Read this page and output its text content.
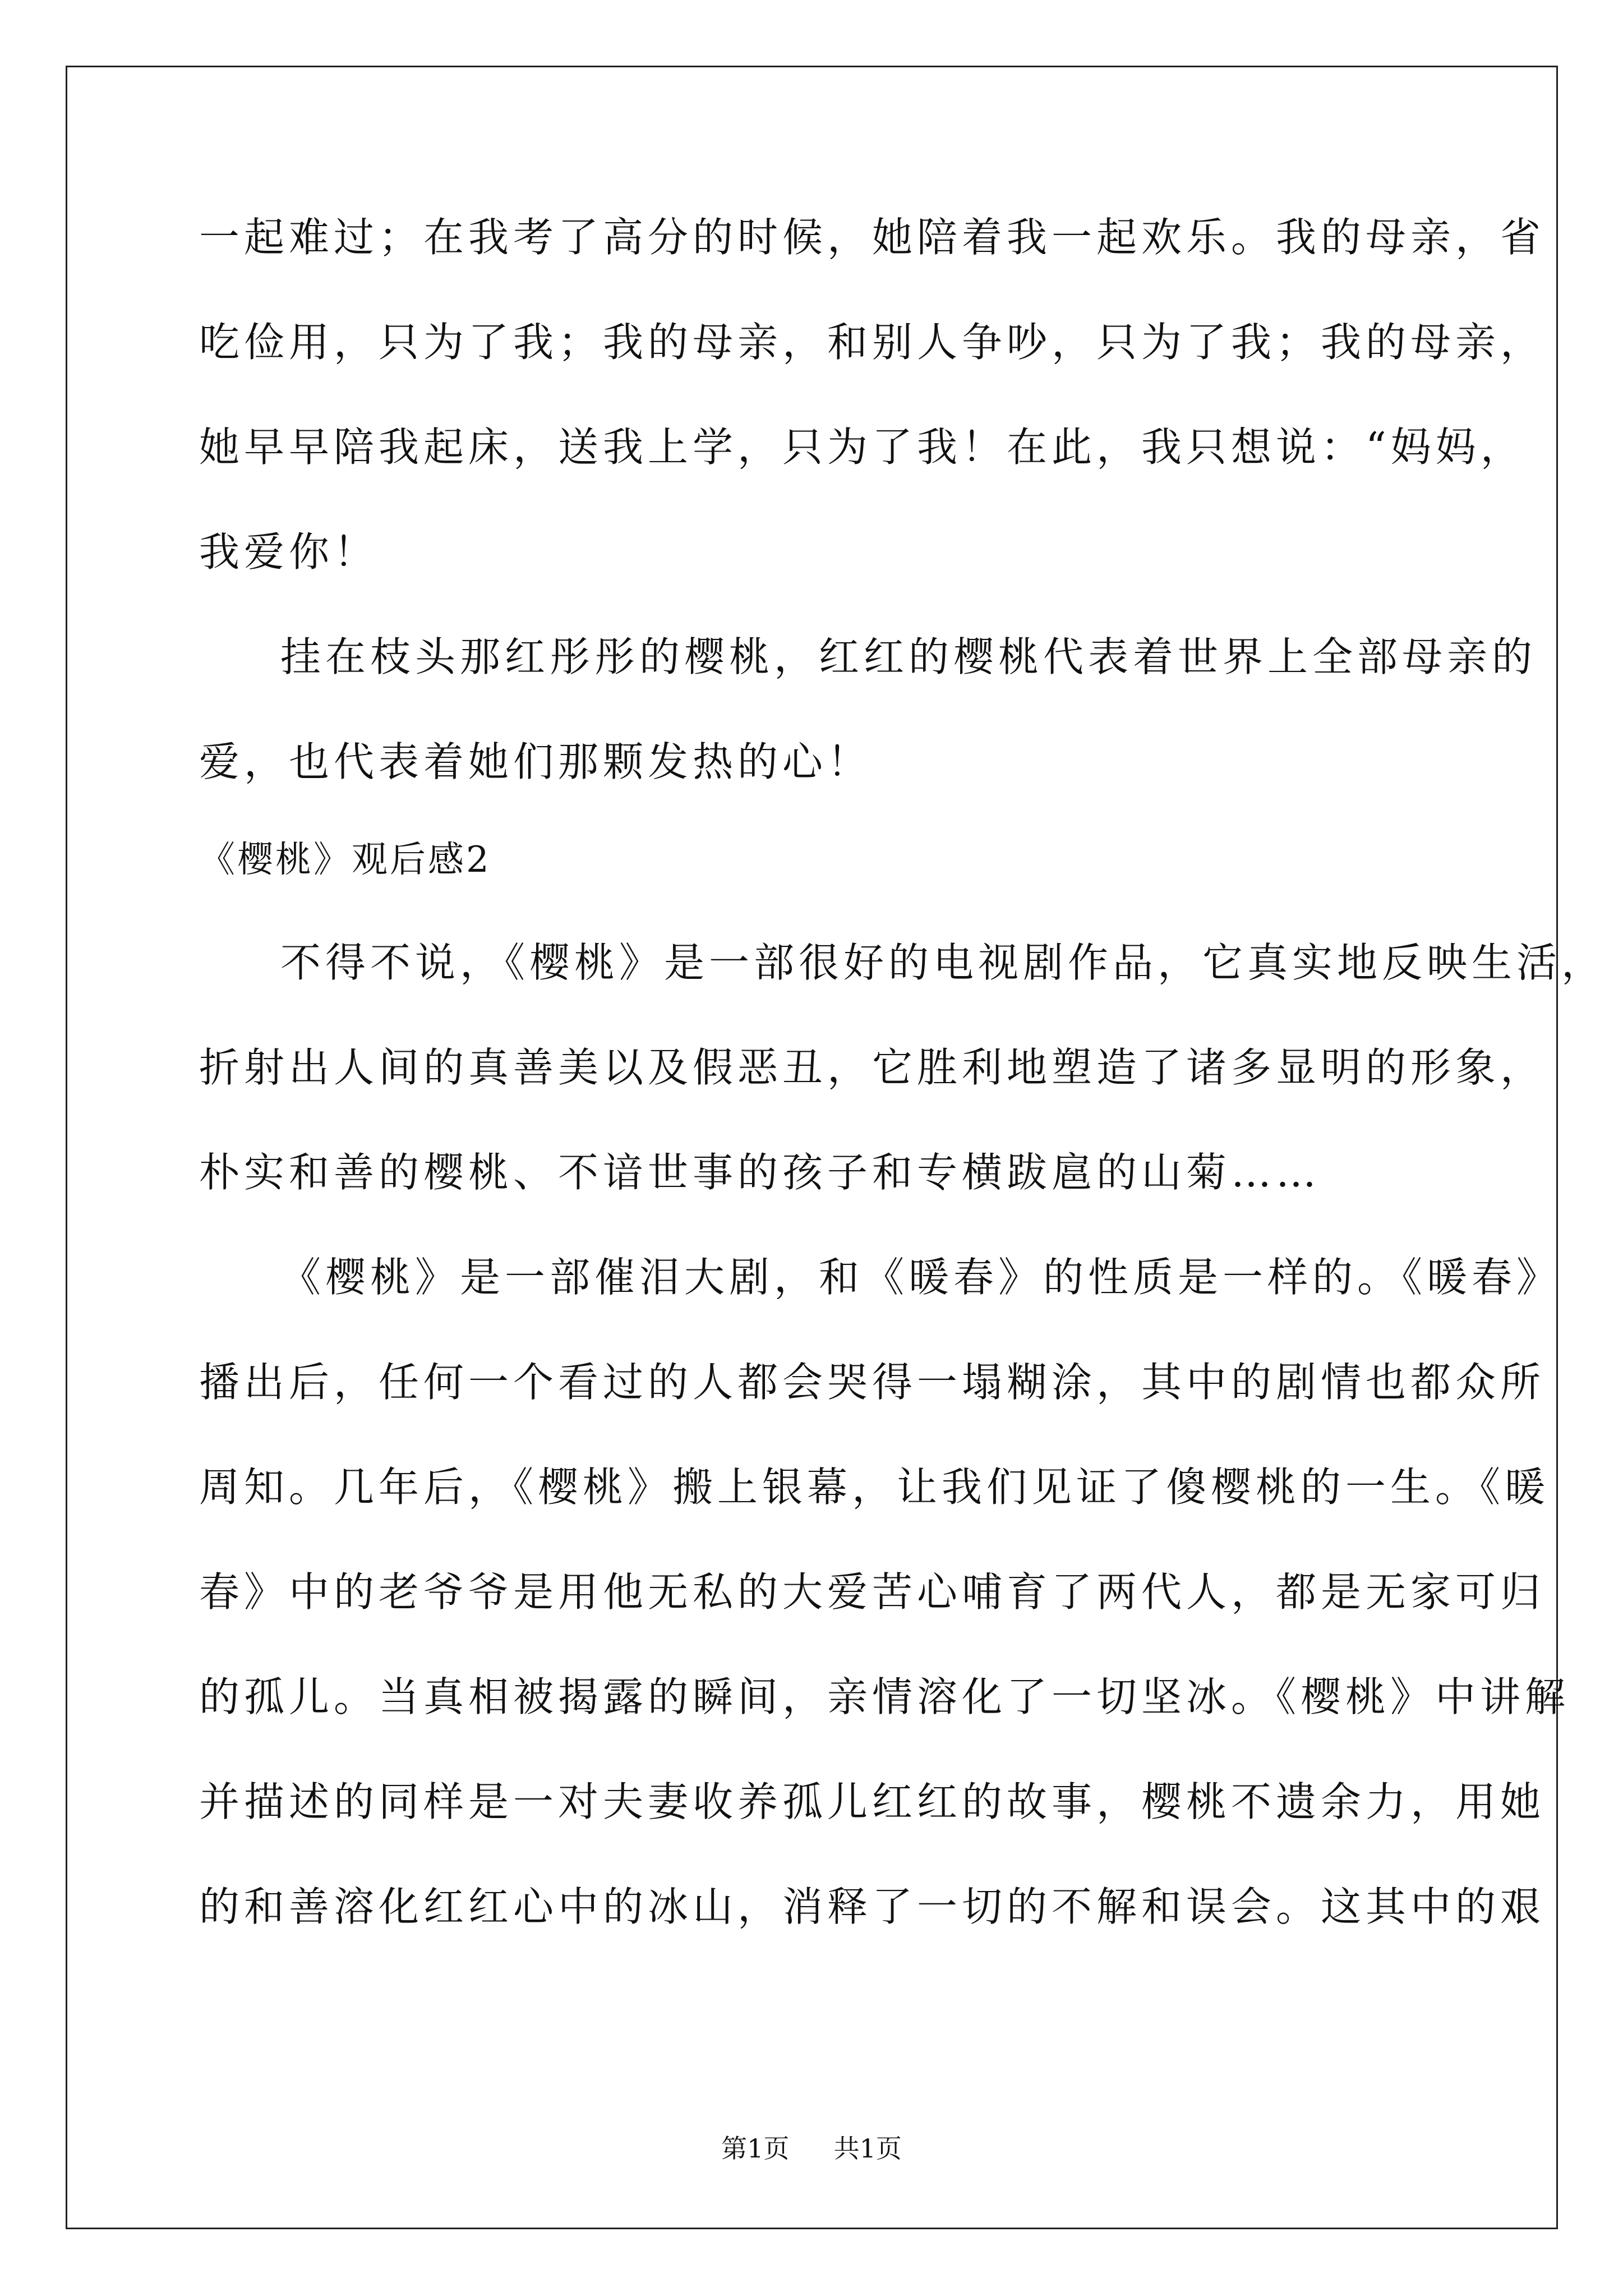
一起难过；在我考了高分的时候，她陪着我一起欢乐。我的母亲，省
吃俭用，只为了我；我的母亲，和别人争吵，只为了我；我的母亲，
她早早陪我起床，送我上学，只为了我！在此，我只想说：“妈妈，
我爱你！
挂在枝头那红彤彤的樱桃，红红的樱桃代表着世界上全部母亲的
爱，也代表着她们那颗发热的心！
《樱桃》观后感2
不得不说，《樱桃》是一部很好的电视剧作品，它真实地反映生活，
折射出人间的真善美以及假恶丑，它胜利地塑造了诸多显明的形象，
朴实和善的樱桃、不谙世事的孩子和专横跋扈的山菊……
《樱桃》是一部催泪大剧，和《暖春》的性质是一样的。《暖春》
播出后，任何一个看过的人都会哭得一塌糊涂，其中的剧情也都众所
周知。几年后，《樱桃》搬上银幕，让我们见证了傻樱桃的一生。《暖
春》中的老爷爷是用他无私的大爱苦心哺育了两代人，都是无家可归
的孤儿。当真相被揭露的瞬间，亲情溶化了一切坚冰。《樱桃》中讲解
并描述的同样是一对夫妻收养孤儿红红的故事，樱桃不遗余力，用她
的和善溶化红红心中的冰山，消释了一切的不解和误会。这其中的艰
第1页 共1页
